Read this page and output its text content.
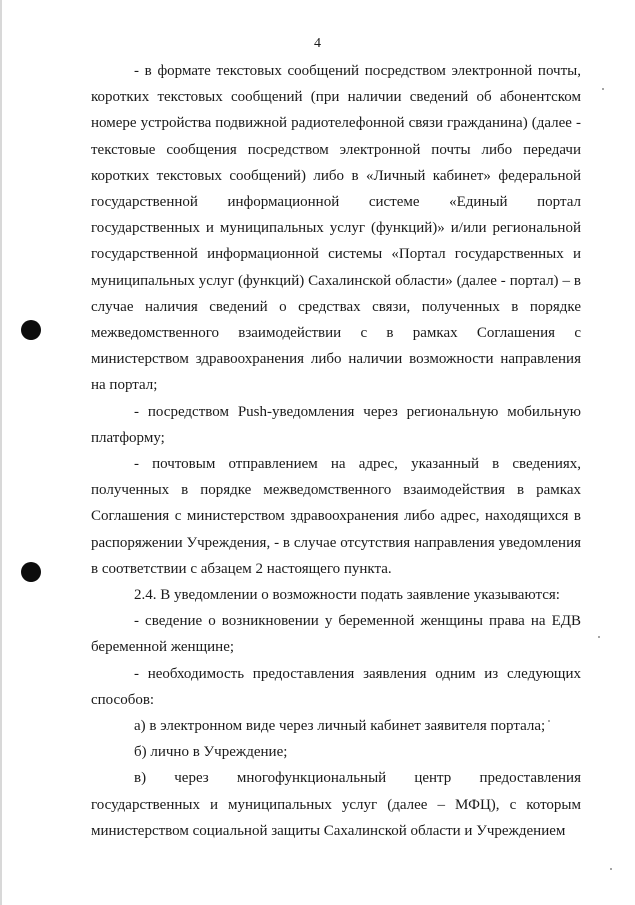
4

- в формате текстовых сообщений посредством электронной почты, коротких текстовых сообщений (при наличии сведений об абонентском номере устройства подвижной радиотелефонной связи гражданина) (далее - текстовые сообщения посредством электронной почты либо передачи коротких текстовых сообщений) либо в «Личный кабинет» федеральной государственной информационной системе «Единый портал государственных и муниципальных услуг (функций)» и/или региональной государственной информационной системы «Портал государственных и муниципальных услуг (функций) Сахалинской области» (далее - портал) – в случае наличия сведений о средствах связи, полученных в порядке межведомственного взаимодействии с в рамках Соглашения с министерством здравоохранения либо наличии возможности направления на портал;

- посредством Push-уведомления через региональную мобильную платформу;

- почтовым отправлением на адрес, указанный в сведениях, полученных в порядке межведомственного взаимодействия в рамках Соглашения с министерством здравоохранения либо адрес, находящихся в распоряжении Учреждения, - в случае отсутствия направления уведомления в соответствии с абзацем 2 настоящего пункта.

2.4. В уведомлении о возможности подать заявление указываются:

- сведение о возникновении у беременной женщины права на ЕДВ беременной женщине;

- необходимость предоставления заявления одним из следующих способов:

а) в электронном виде через личный кабинет заявителя портала;

б) лично в Учреждение;

в) через многофункциональный центр предоставления государственных и муниципальных услуг (далее – МФЦ), с которым министерством социальной защиты Сахалинской области и Учреждением
